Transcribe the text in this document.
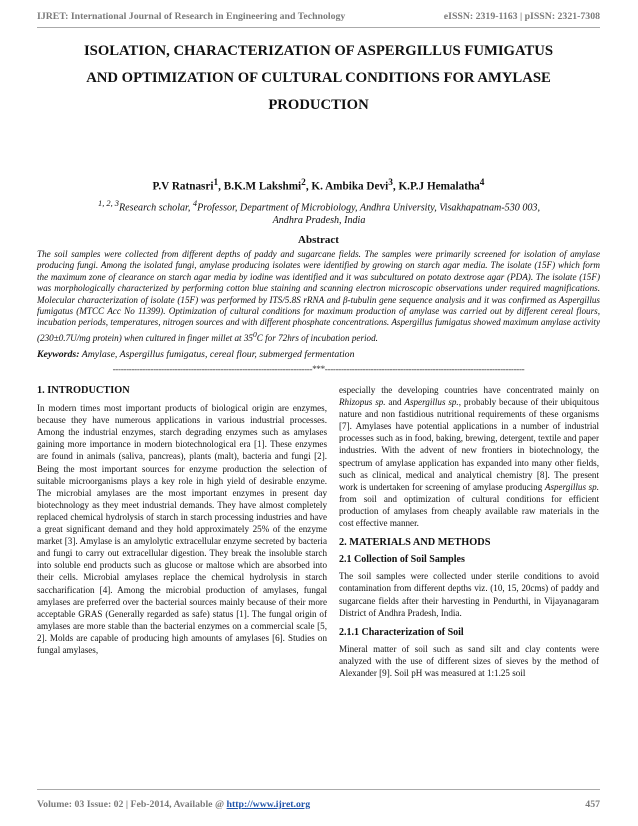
IJRET: International Journal of Research in Engineering and Technology	eISSN: 2319-1163 | pISSN: 2321-7308
ISOLATION, CHARACTERIZATION OF ASPERGILLUS FUMIGATUS
AND OPTIMIZATION OF CULTURAL CONDITIONS FOR AMYLASE
PRODUCTION
P.V Ratnasri$^1$, B.K.M Lakshmi$^2$, K. Ambika Devi$^3$, K.P.J Hemalatha$^4$
$^{1, 2, 3}$Research scholar, $^4$Professor, Department of Microbiology, Andhra University, Visakhapatnam-530 003,
Andhra Pradesh, India
Abstract
The soil samples were collected from different depths of paddy and sugarcane fields. The samples were primarily screened for isolation of amylase producing fungi. Among the isolated fungi, amylase producing isolates were identified by growing on starch agar media. The isolate (15F) which form the maximum zone of clearance on starch agar media by iodine was identified and it was subcultured on potato dextrose agar (PDA). The isolate (15F) was morphologically characterized by performing cotton blue staining and scanning electron microscopic observations under required magnifications. Molecular characterization of isolate (15F) was performed by ITS/5.8S rRNA and β-tubulin gene sequence analysis and it was confirmed as Aspergillus fumigatus (MTCC Acc No 11399). Optimization of cultural conditions for maximum production of amylase was carried out by different cereal flours, incubation periods, temperatures, nitrogen sources and with different phosphate concentrations. Aspergillus fumigatus showed maximum amylase activity (230±0.7U/mg protein) when cultured in finger millet at $35^0C$ for 72hrs of incubation period.
Keywords: Amylase, Aspergillus fumigatus, cereal flour, submerged fermentation
--------------------------------------------------------------------------***--------------------------------------------------------------------------
1. INTRODUCTION

In modern times most important products of biological origin are enzymes, because they have numerous applications in various industrial processes. Among the industrial enzymes, starch degrading enzymes such as amylases gaining more importance in modern biotechnological era [1]. These enzymes are found in animals (saliva, pancreas), plants (malt), bacteria and fungi [2]. Being the most important sources for enzyme production the selection of suitable microorganisms plays a key role in high yield of desirable enzyme. The microbial amylases are the most important enzymes in present day biotechnology as they meet industrial demands. They have almost completely replaced chemical hydrolysis of starch in starch processing industries and have a great significant demand and they hold approximately 25% of the enzyme market [3]. Amylase is an amylolytic extracellular enzyme secreted by bacteria and fungi to carry out extracellular digestion. They break the insoluble starch into soluble end products such as glucose or maltose which are absorbed into their cells. Microbial amylases replace the chemical hydrolysis in starch saccharification [4]. Among the microbial production of amylases, fungal amylases are preferred over the bacterial sources mainly because of their more acceptable GRAS (Generally regarded as safe) status [1]. The fungal origin of amylases are more stable than the bacterial enzymes on a commercial scale [5, 2]. Molds are capable of producing high amounts of amylases [6]. Studies on fungal amylases,

especially the developing countries have concentrated mainly on Rhizopus sp. and Aspergillus sp., probably because of their ubiquitous nature and non fastidious nutritional requirements of these organisms [7]. Amylases have potential applications in a number of industrial processes such as in food, baking, brewing, detergent, textile and paper industries. With the advent of new frontiers in biotechnology, the spectrum of amylase application has expanded into many other fields, such as clinical, medical and analytical chemistry [8]. The present work is undertaken for screening of amylase producing Aspergillus sp. from soil and optimization of cultural conditions for efficient production of amylases from cheaply available raw materials in the cost effective manner.

2. MATERIALS AND METHODS
2.1 Collection of Soil Samples

The soil samples were collected under sterile conditions to avoid contamination from different depths viz. (10, 15, 20cms) of paddy and sugarcane fields after their harvesting in Pendurthi, in Vijayanagaram District of Andhra Pradesh, India.

2.1.1 Characterization of Soil

Mineral matter of soil such as sand silt and clay contents were analyzed with the use of different sizes of sieves by the method of Alexander [9]. Soil pH was measured at 1:1.25 soil

Volume: 03 Issue: 02 | Feb-2014, Available @ http://www.ijret.org	457
